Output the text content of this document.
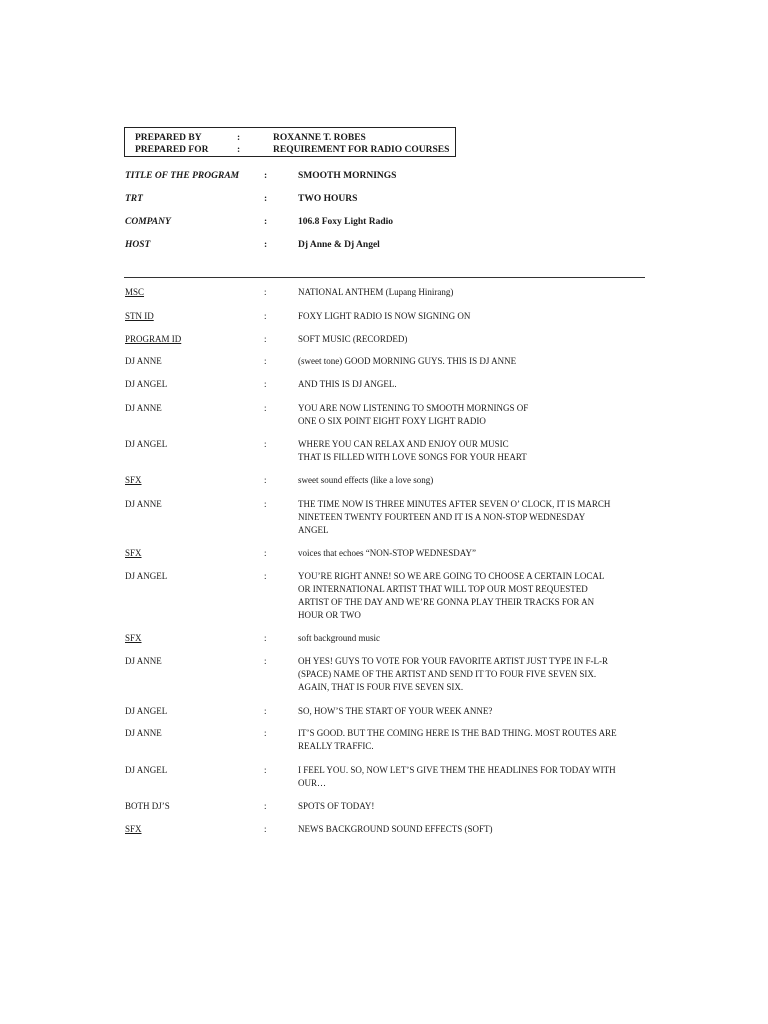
PREPARED BY	:	ROXANNE T. ROBES
PREPARED FOR	:	REQUIREMENT FOR RADIO COURSES
TITLE OF THE PROGRAM	:	SMOOTH MORNINGS
TRT	:	TWO HOURS
COMPANY	:	106.8 Foxy Light Radio
HOST	:	Dj Anne & Dj Angel
MSC	:	NATIONAL ANTHEM (Lupang Hinirang)
STN ID	:	FOXY LIGHT RADIO IS NOW SIGNING ON
PROGRAM ID	:	SOFT MUSIC (RECORDED)
DJ ANNE	:	(sweet tone) GOOD MORNING GUYS. THIS IS DJ ANNE
DJ ANGEL	:	AND THIS IS DJ ANGEL.
DJ ANNE	:	YOU ARE NOW LISTENING TO SMOOTH MORNINGS OF
ONE O SIX POINT EIGHT FOXY LIGHT RADIO
DJ ANGEL	:	WHERE YOU CAN RELAX AND ENJOY OUR MUSIC
THAT IS FILLED WITH LOVE SONGS FOR YOUR HEART
SFX	:	sweet sound effects (like a love song)
DJ ANNE	:	THE TIME NOW IS THREE MINUTES AFTER SEVEN O’ CLOCK, IT IS MARCH
NINETEEN TWENTY FOURTEEN AND IT IS A NON-STOP WEDNESDAY
ANGEL
SFX	:	voices that echoes “NON-STOP WEDNESDAY”
DJ ANGEL	:	YOU’RE RIGHT ANNE! SO WE ARE GOING TO CHOOSE A CERTAIN LOCAL
OR INTERNATIONAL ARTIST THAT WILL TOP OUR MOST REQUESTED
ARTIST OF THE DAY AND WE’RE GONNA PLAY THEIR TRACKS FOR AN
HOUR OR TWO
SFX	:	soft background music
DJ ANNE	:	OH YES! GUYS TO VOTE FOR YOUR FAVORITE ARTIST JUST TYPE IN F-L-R
(SPACE) NAME OF THE ARTIST AND SEND IT TO FOUR FIVE SEVEN SIX.
AGAIN, THAT IS FOUR FIVE SEVEN SIX.
DJ ANGEL	:	SO, HOW’S THE START OF YOUR WEEK ANNE?
DJ ANNE	:	IT’S GOOD. BUT THE COMING HERE IS THE BAD THING. MOST ROUTES ARE
REALLY TRAFFIC.
DJ ANGEL	:	I FEEL YOU. SO, NOW LET’S GIVE THEM THE HEADLINES FOR TODAY WITH
OUR…
BOTH DJ’S	:	SPOTS OF TODAY!
SFX	:	NEWS BACKGROUND SOUND EFFECTS (SOFT)
